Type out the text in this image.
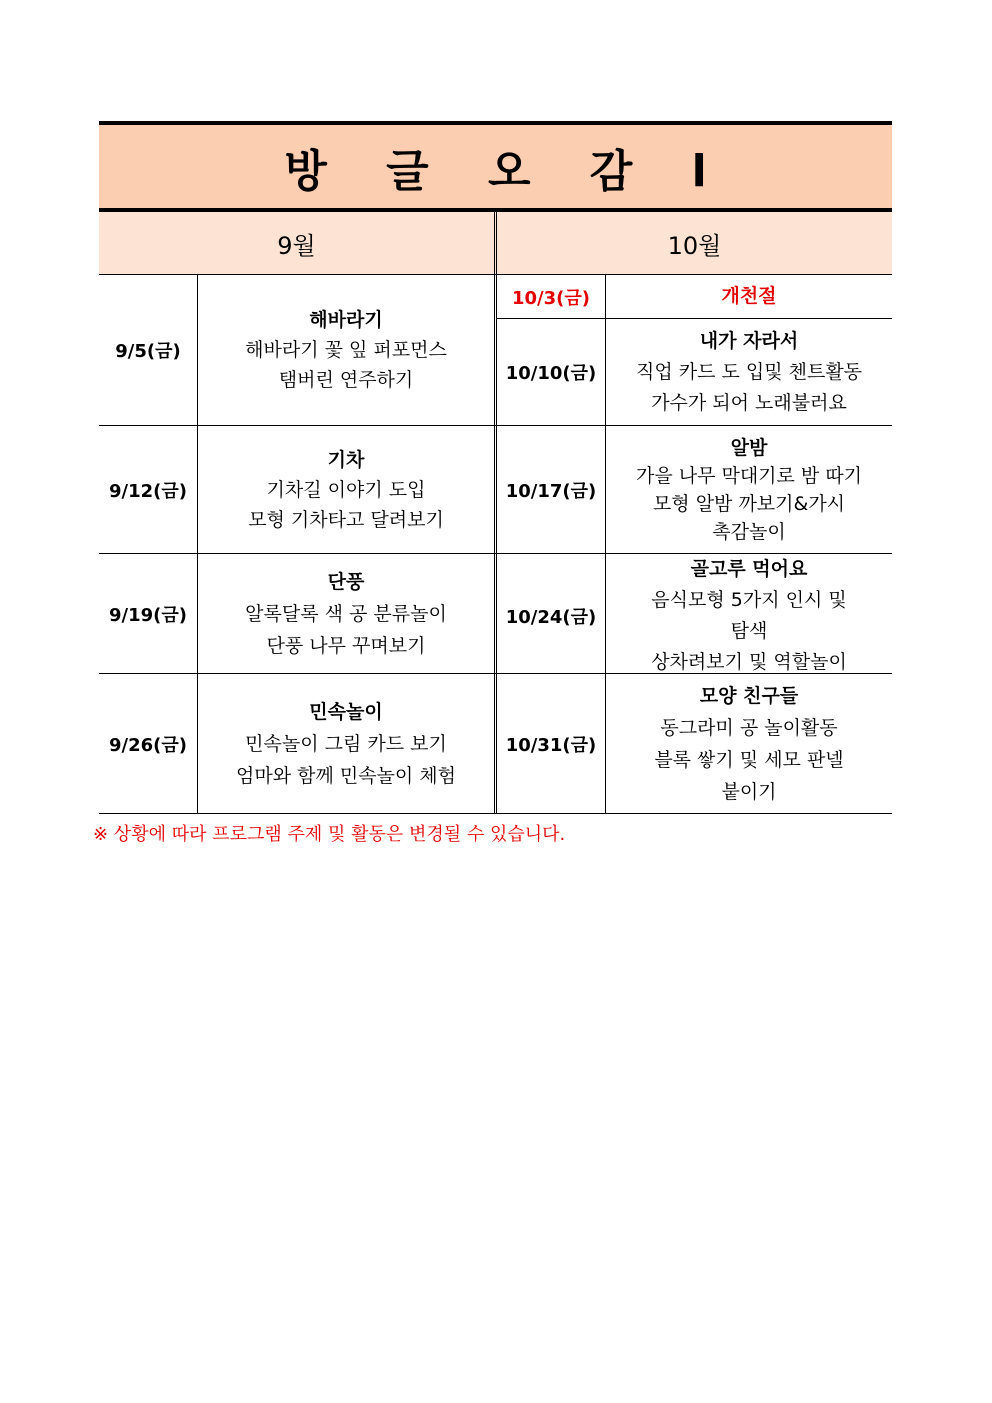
방 글 오 감 l
9월	10월
9/5(금)
해바라기
해바라기 꽃 잎 퍼포먼스
탬버린 연주하기
10/3(금)	개천절
10/10(금)
내가 자라서
직업 카드 도 입및 첸트활동
가수가 되어 노래불러요
9/12(금)
기차
기차길 이야기 도입
모형 기차타고 달려보기
10/17(금)
알밤
가을 나무 막대기로 밤 따기
모형 알밤 까보기&가시
촉감놀이
9/19(금)
단풍
알록달록 색 공 분류놀이
단풍 나무 꾸며보기
10/24(금)
골고루 먹어요
음식모형 5가지 인시 및
탐색
상차려보기 및 역할놀이
9/26(금)
민속놀이
민속놀이 그림 카드 보기
엄마와 함께 민속놀이 체험
10/31(금)
모양 친구들
동그라미 공 놀이활동
블록 쌓기 및 세모 판넬
붙이기
※ 상황에 따라 프로그램 주제 및 활동은 변경될 수 있습니다.
